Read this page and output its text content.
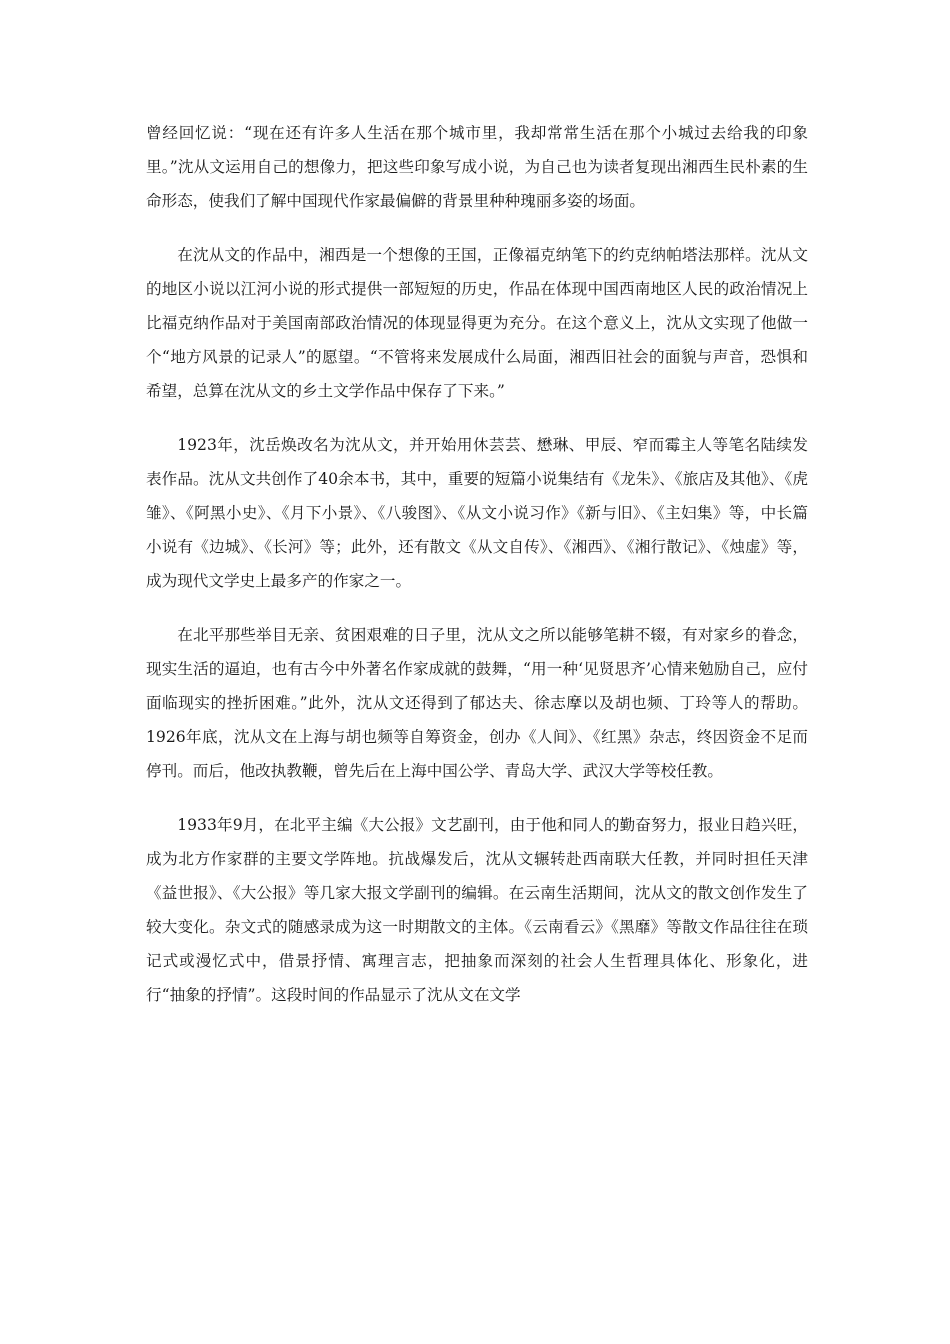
曾经回忆说：“现在还有许多人生活在那个城市里，我却常常生活在那个小城过去给我的印象里。”沈从文运用自己的想像力，把这些印象写成小说，为自己也为读者复现出湘西生民朴素的生命形态，使我们了解中国现代作家最偏僻的背景里种种瑰丽多姿的场面。

在沈从文的作品中，湘西是一个想像的王国，正像福克纳笔下的约克纳帕塔法那样。沈从文的地区小说以江河小说的形式提供一部短短的历史，作品在体现中国西南地区人民的政治情况上比福克纳作品对于美国南部政治情况的体现显得更为充分。在这个意义上，沈从文实现了他做一个“地方风景的记录人”的愿望。“不管将来发展成什么局面，湘西旧社会的面貌与声音，恐惧和希望，总算在沈从文的乡土文学作品中保存了下来。”

1923年，沈岳焕改名为沈从文，并开始用休芸芸、懋琳、甲辰、窄而霉主人等笔名陆续发表作品。沈从文共创作了40余本书，其中，重要的短篇小说集结有《龙朱》、《旅店及其他》、《虎雏》、《阿黑小史》、《月下小景》、《八骏图》、《从文小说习作》《新与旧》、《主妇集》等，中长篇小说有《边城》、《长河》等；此外，还有散文《从文自传》、《湘西》、《湘行散记》、《烛虚》等，成为现代文学史上最多产的作家之一。

在北平那些举目无亲、贫困艰难的日子里，沈从文之所以能够笔耕不辍，有对家乡的眷念，现实生活的逼迫，也有古今中外著名作家成就的鼓舞，“用一种‘见贤思齐’心情来勉励自己，应付面临现实的挫折困难。”此外，沈从文还得到了郁达夫、徐志摩以及胡也频、丁玲等人的帮助。1926年底，沈从文在上海与胡也频等自筹资金，创办《人间》、《红黑》杂志，终因资金不足而停刊。而后，他改执教鞭，曾先后在上海中国公学、青岛大学、武汉大学等校任教。

1933年9月，在北平主编《大公报》文艺副刊，由于他和同人的勤奋努力，报业日趋兴旺，成为北方作家群的主要文学阵地。抗战爆发后，沈从文辗转赴西南联大任教，并同时担任天津《益世报》、《大公报》等几家大报文学副刊的编辑。在云南生活期间，沈从文的散文创作发生了较大变化。杂文式的随感录成为这一时期散文的主体。《云南看云》《黑靡》等散文作品往往在琐记式或漫忆式中，借景抒情、寓理言志，把抽象而深刻的社会人生哲理具体化、形象化，进行“抽象的抒情”。这段时间的作品显示了沈从文在文学
